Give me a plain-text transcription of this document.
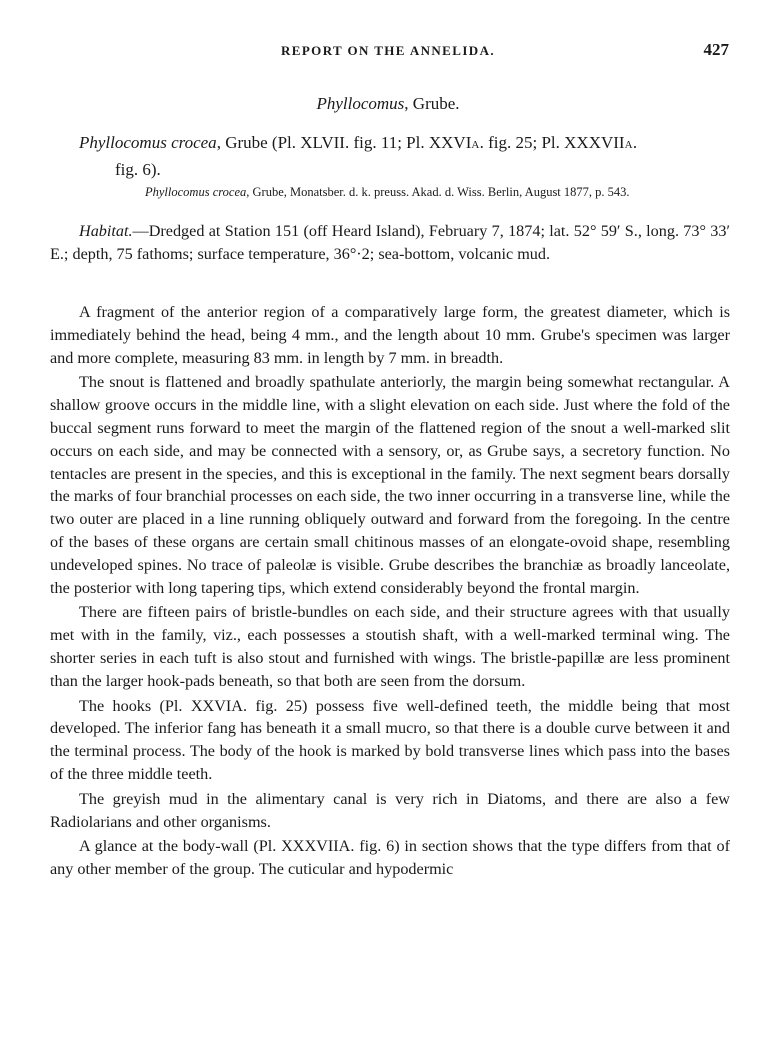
REPORT ON THE ANNELIDA.	427
Phyllocomus, Grube.
Phyllocomus crocea, Grube (Pl. XLVII. fig. 11; Pl. XXVIA. fig. 25; Pl. XXXVIIA.
fig. 6).
Phyllocomus crocea, Grube, Monatsber. d. k. preuss. Akad. d. Wiss. Berlin, August 1877, p. 543.
Habitat.—Dredged at Station 151 (off Heard Island), February 7, 1874; lat. 52° 59′ S., long. 73° 33′ E.; depth, 75 fathoms; surface temperature, 36°·2; sea-bottom, volcanic mud.

A fragment of the anterior region of a comparatively large form, the greatest diameter, which is immediately behind the head, being 4 mm., and the length about 10 mm. Grube's specimen was larger and more complete, measuring 83 mm. in length by 7 mm. in breadth.

The snout is flattened and broadly spathulate anteriorly, the margin being somewhat rectangular. A shallow groove occurs in the middle line, with a slight elevation on each side. Just where the fold of the buccal segment runs forward to meet the margin of the flattened region of the snout a well-marked slit occurs on each side, and may be connected with a sensory, or, as Grube says, a secretory function. No tentacles are present in the species, and this is exceptional in the family. The next segment bears dorsally the marks of four branchial processes on each side, the two inner occurring in a transverse line, while the two outer are placed in a line running obliquely outward and forward from the foregoing. In the centre of the bases of these organs are certain small chitinous masses of an elongate-ovoid shape, resembling undeveloped spines. No trace of paleolæ is visible. Grube describes the branchiæ as broadly lanceolate, the posterior with long tapering tips, which extend considerably beyond the frontal margin.

There are fifteen pairs of bristle-bundles on each side, and their structure agrees with that usually met with in the family, viz., each possesses a stoutish shaft, with a well-marked terminal wing. The shorter series in each tuft is also stout and furnished with wings. The bristle-papillæ are less prominent than the larger hook-pads beneath, so that both are seen from the dorsum.

The hooks (Pl. XXVIA. fig. 25) possess five well-defined teeth, the middle being that most developed. The inferior fang has beneath it a small mucro, so that there is a double curve between it and the terminal process. The body of the hook is marked by bold transverse lines which pass into the bases of the three middle teeth.

The greyish mud in the alimentary canal is very rich in Diatoms, and there are also a few Radiolarians and other organisms.

A glance at the body-wall (Pl. XXXVIIA. fig. 6) in section shows that the type differs from that of any other member of the group. The cuticular and hypodermic
